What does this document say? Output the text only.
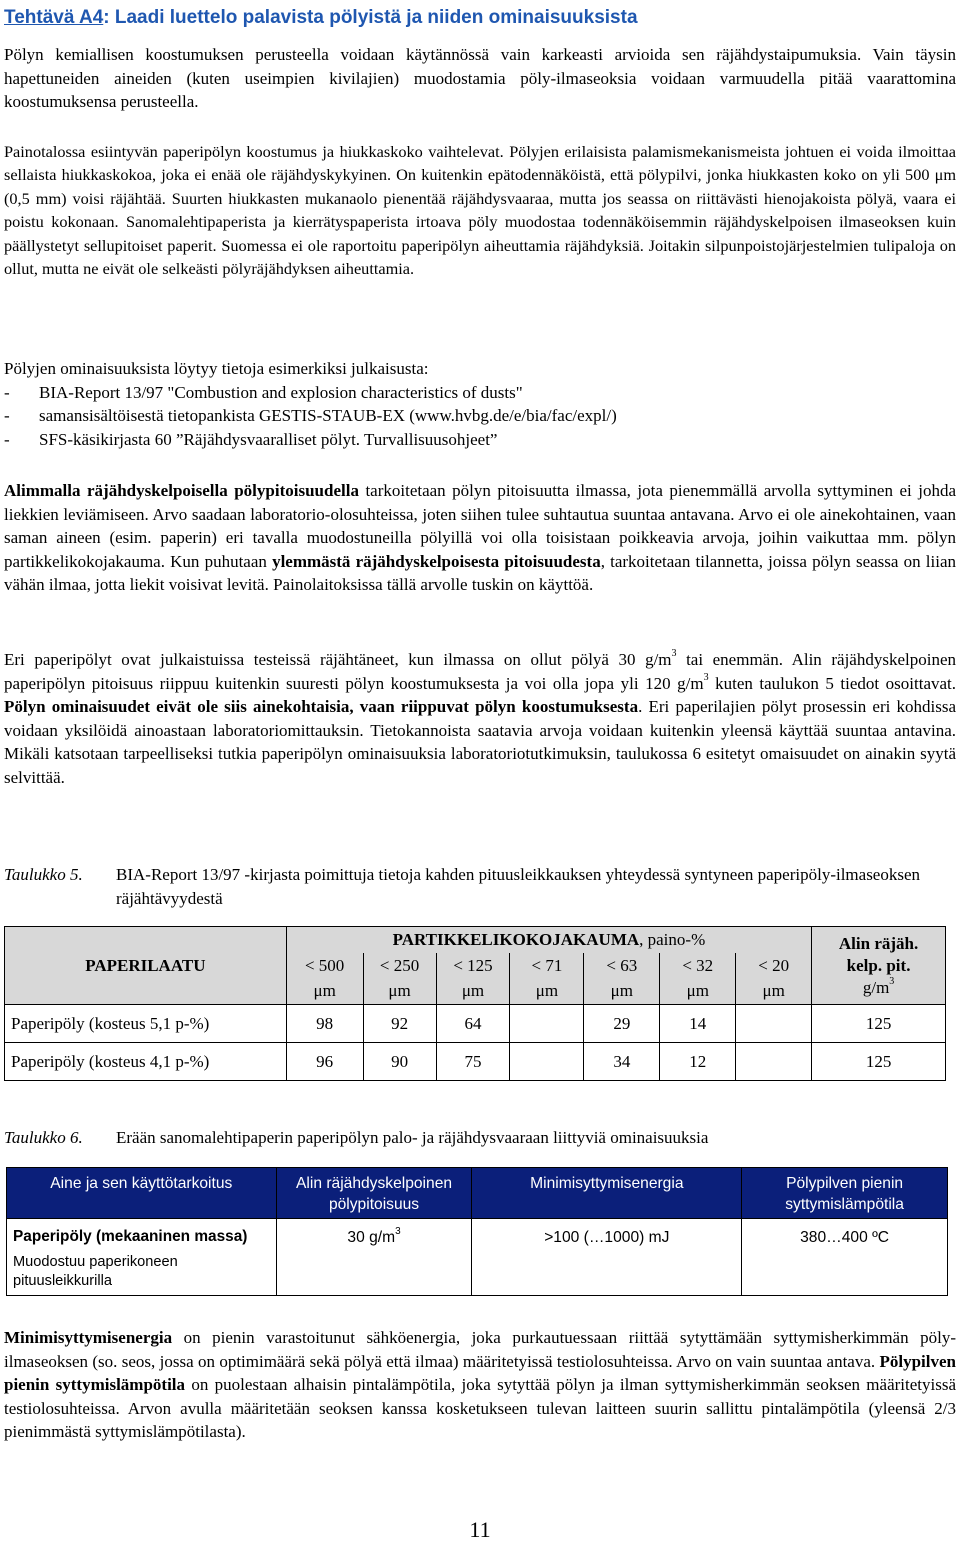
Tehtävä A4: Laadi luettelo palavista pölyistä ja niiden ominaisuuksista

Pölyn kemiallisen koostumuksen perusteella voidaan käytännössä vain karkeasti arvioida sen räjähdystaipumuksia. Vain täysin hapettuneiden aineiden (kuten useimpien kivilajien) muodostamia pöly-ilmaseoksia voidaan varmuudella pitää vaarattomina koostumuksensa perusteella.

Painotalossa esiintyvän paperipölyn koostumus ja hiukkaskoko vaihtelevat. Pölyjen erilaisista palamismekanismeista johtuen ei voida ilmoittaa sellaista hiukkaskokoa, joka ei enää ole räjähdyskykyinen. On kuitenkin epätodennäköistä, että pölypilvi, jonka hiukkasten koko on yli 500 μm (0,5 mm) voisi räjähtää. Suurten hiukkasten mukanaolo pienentää räjähdysvaaraa, mutta jos seassa on riittävästi hienojakoista pölyä, vaara ei poistu kokonaan. Sanomalehtipaperista ja kierrätyspaperista irtoava pöly muodostaa todennäköisemmin räjähdyskelpoisen ilmaseoksen kuin päällystetyt sellupitoiset paperit. Suomessa ei ole raportoitu paperipölyn aiheuttamia räjähdyksiä. Joitakin silpunpoistojärjestelmien tulipaloja on ollut, mutta ne eivät ole selkeästi pölyräjähdyksen aiheuttamia.

Pölyjen ominaisuuksista löytyy tietoja esimerkiksi julkaisusta:
-	BIA-Report 13/97 "Combustion and explosion characteristics of dusts"
-	samansisältöisestä tietopankista GESTIS-STAUB-EX (www.hvbg.de/e/bia/fac/expl/)
-	SFS-käsikirjasta 60 ”Räjähdysvaaralliset pölyt. Turvallisuusohjeet”

Alimmalla räjähdyskelpoisella pölypitoisuudella tarkoitetaan pölyn pitoisuutta ilmassa, jota pienemmällä arvolla syttyminen ei johda liekkien leviämiseen. Arvo saadaan laboratorio-olosuhteissa, joten siihen tulee suhtautua suuntaa antavana. Arvo ei ole ainekohtainen, vaan saman aineen (esim. paperin) eri tavalla muodostuneilla pölyillä voi olla toisistaan poikkeavia arvoja, joihin vaikuttaa mm. pölyn partikkelikokojakauma. Kun puhutaan ylemmästä räjähdyskelpoisesta pitoisuudesta, tarkoitetaan tilannetta, joissa pölyn seassa on liian vähän ilmaa, jotta liekit voisivat levitä. Painolaitoksissa tällä arvolle tuskin on käyttöä.

Eri paperipölyt ovat julkaistuissa testeissä räjähtäneet, kun ilmassa on ollut pölyä 30 $g/m^3$ tai enemmän. Alin räjähdyskelpoinen paperipölyn pitoisuus riippuu kuitenkin suuresti pölyn koostumuksesta ja voi olla jopa yli 120 $g/m^3$ kuten taulukon 5 tiedot osoittavat. Pölyn ominaisuudet eivät ole siis ainekohtaisia, vaan riippuvat pölyn koostumuksesta. Eri paperilajien pölyt prosessin eri kohdissa voidaan yksilöidä ainoastaan laboratoriomittauksin. Tietokannoista saatavia arvoja voidaan kuitenkin yleensä käyttää suuntaa antavina. Mikäli katsotaan tarpeelliseksi tutkia paperipölyn ominaisuuksia laboratoriotutkimuksin, taulukossa 6 esitetyt omaisuudet on ainakin syytä selvittää.

Taulukko 5.	BIA-Report 13/97 -kirjasta poimittuja tietoja kahden pituusleikkauksen yhteydessä syntyneen paperipöly-ilmaseoksen räjähtävyydestä
PAPERILAATU	PARTIKKELIKOKOJAKAUMA, paino-%							Alin räjäh.
kelp. pit.
$g/m^3$

	< 500	< 250	< 125	< 71	< 63	< 32	< 20	
	μm	μm	μm	μm	μm	μm	μm	
Paperipöly (kosteus 5,1 p-%)	98	92	64		29	14		125
Paperipöly (kosteus 4,1 p-%)	96	90	75		34	12		125
Taulukko 6.	Erään sanomalehtipaperin paperipölyn palo- ja räjähdysvaaraan liittyviä ominaisuuksia
Aine ja sen käyttötarkoitus	Alin räjähdyskelpoinen pölypitoisuus	Minimisyttymisenergia	Pölypilven pienin syttymislämpötila

Paperipöly (mekaaninen massa)
Muodostuu paperikoneen pituusleikkurilla	30 $g/m^3$	>100 (…1000) mJ	380…400 ºC

Minimisyttymisenergia on pienin varastoitunut sähköenergia, joka purkautuessaan riittää sytyttämään syttymisherkimmän pöly-ilmaseoksen (so. seos, jossa on optimimäärä sekä pölyä että ilmaa) määritetyissä testiolosuhteissa. Arvo on vain suuntaa antava. Pölypilven pienin syttymislämpötila on puolestaan alhaisin pintalämpötila, joka sytyttää pölyn ja ilman syttymisherkimmän seoksen määritetyissä testiolosuhteissa. Arvon avulla määritetään seoksen kanssa kosketukseen tulevan laitteen suurin sallittu pintalämpötila (yleensä 2/3 pienimmästä syttymislämpötilasta).

11
